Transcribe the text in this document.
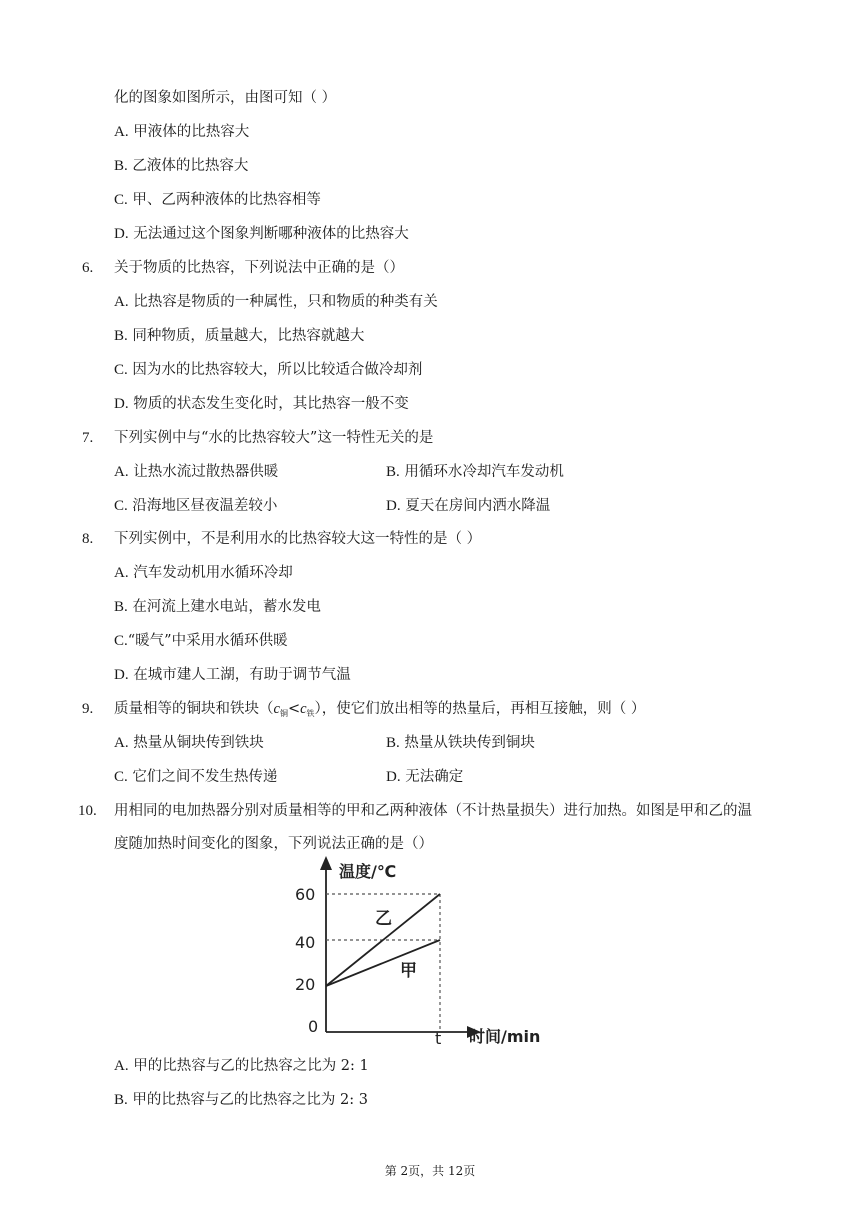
化的图象如图所示，由图可知（ ）
A. 甲液体的比热容大
B. 乙液体的比热容大
C. 甲、乙两种液体的比热容相等
D. 无法通过这个图象判断哪种液体的比热容大
6. 关于物质的比热容，下列说法中正确的是（）
A. 比热容是物质的一种属性，只和物质的种类有关
B. 同种物质，质量越大，比热容就越大
C. 因为水的比热容较大，所以比较适合做冷却剂
D. 物质的状态发生变化时，其比热容一般不变
7. 下列实例中与“水的比热容较大”这一特性无关的是
A. 让热水流过散热器供暖	B. 用循环水冷却汽车发动机
C. 沿海地区昼夜温差较小	D. 夏天在房间内洒水降温
8. 下列实例中，不是利用水的比热容较大这一特性的是（ ）
A. 汽车发动机用水循环冷却
B. 在河流上建水电站，蓄水发电
C.“暖气”中采用水循环供暖
D. 在城市建人工湖，有助于调节气温
9. 质量相等的铜块和铁块$(c_铜<c_铁)$，使它们放出相等的热量后，再相互接触，则（ ）
A. 热量从铜块传到铁块	B. 热量从铁块传到铜块
C. 它们之间不发生热传递	D. 无法确定
10. 用相同的电加热器分别对质量相等的甲和乙两种液体（不计热量损失）进行加热。如图是甲和乙的温
度随加热时间变化的图象，下列说法正确的是（）
温度/℃
时间/min
60
40
20
0
t
乙
甲
A. 甲的比热容与乙的比热容之比为 2: 1
B. 甲的比热容与乙的比热容之比为 2: 3
第 2页，共 12页
